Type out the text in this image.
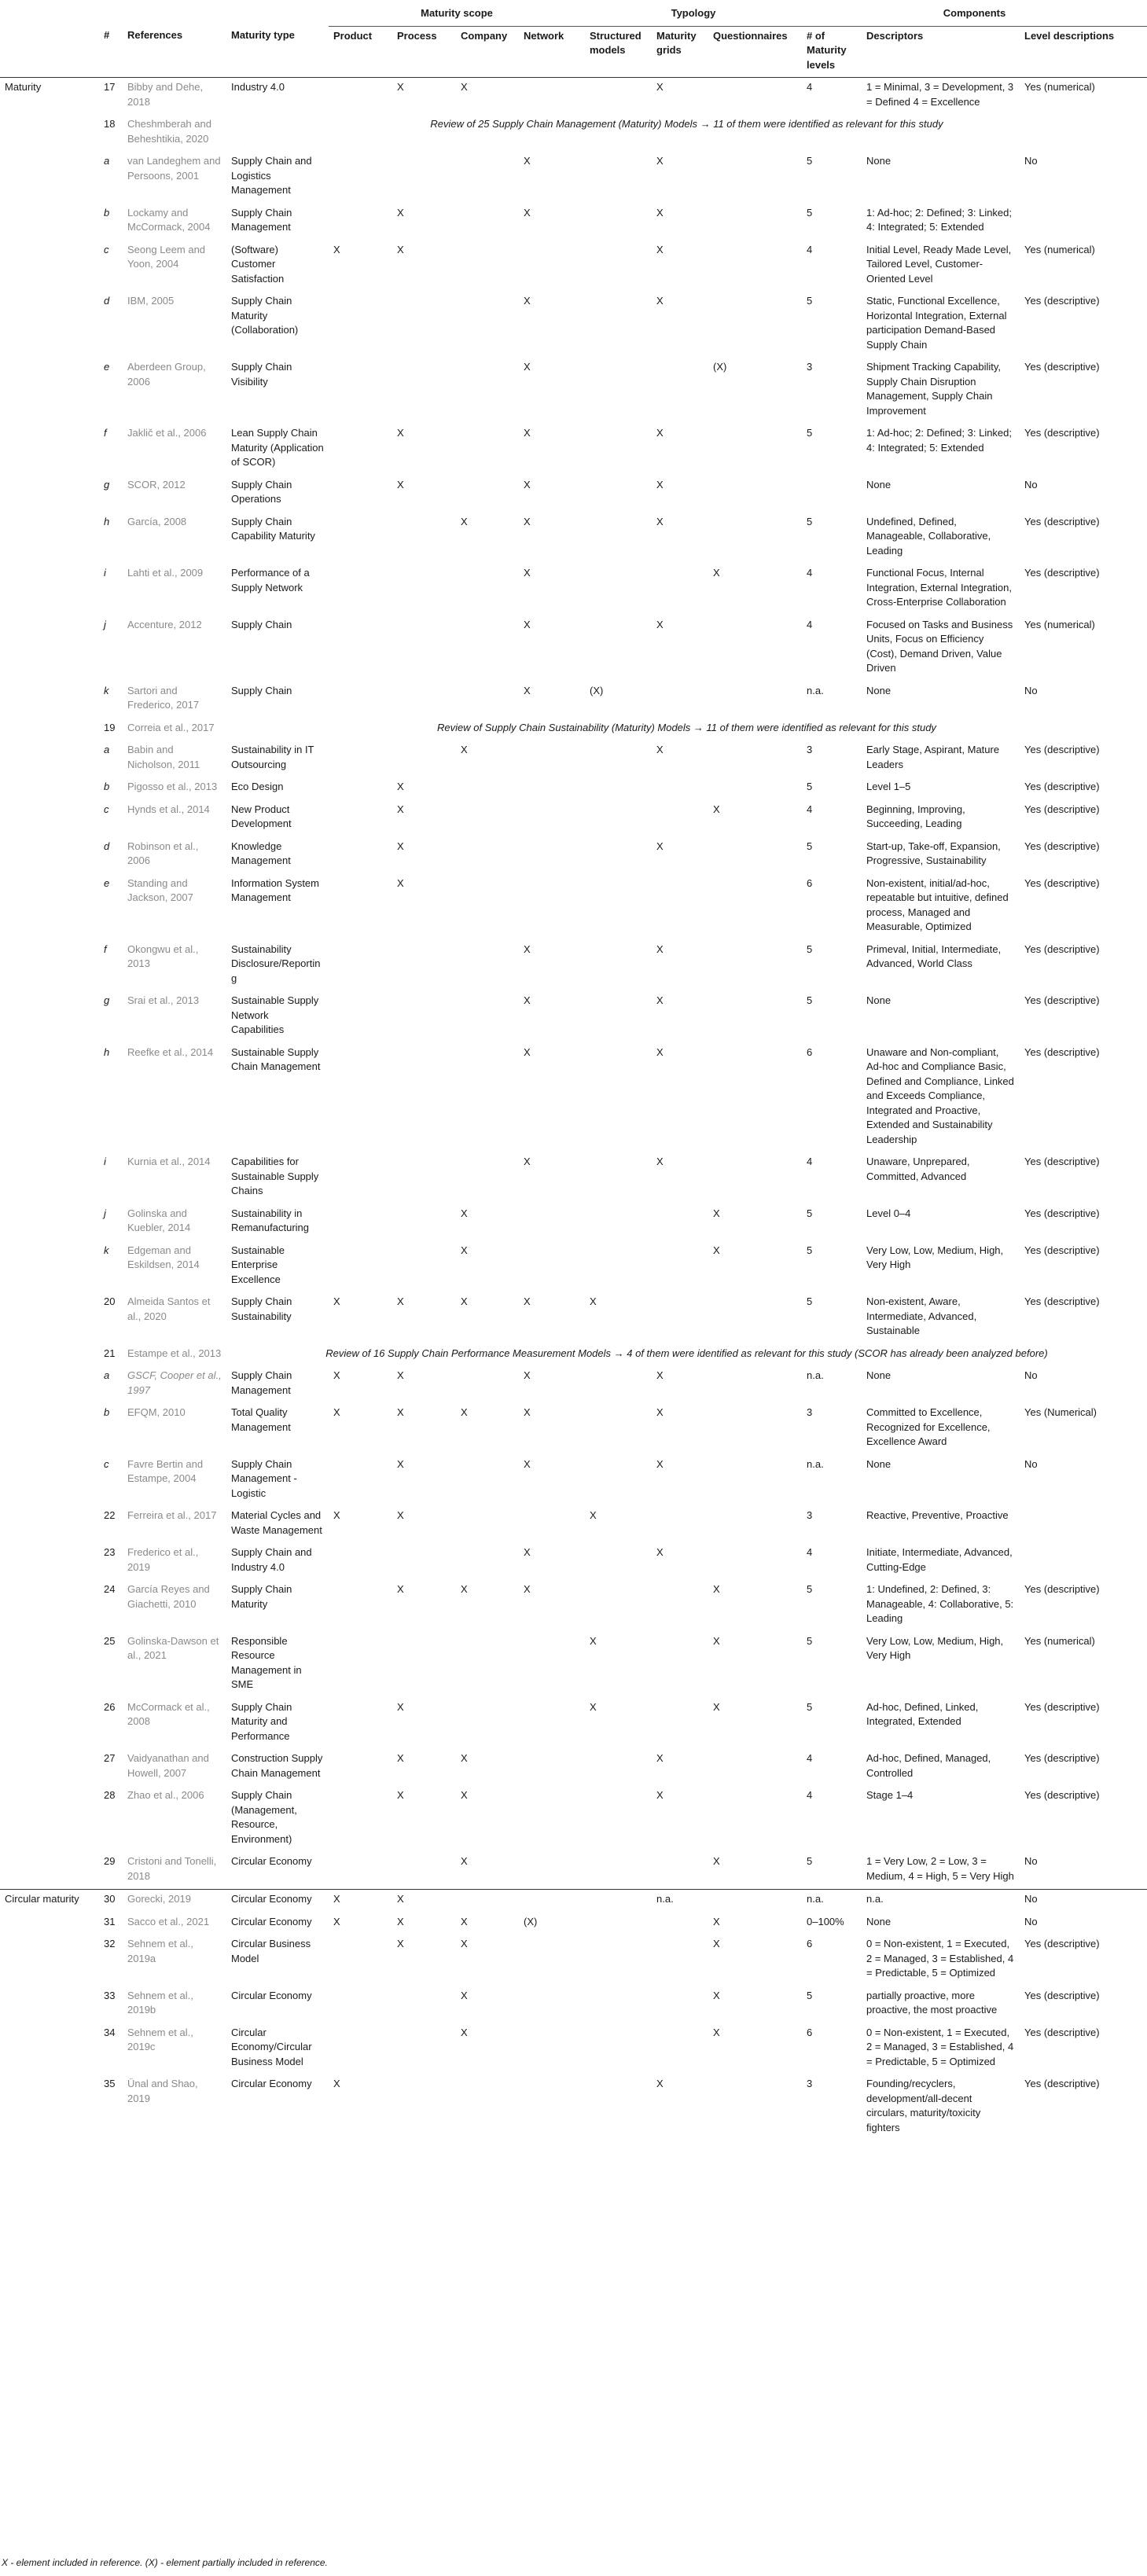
				Maturity scope				Typology			Components		
	#	References	Maturity type	Product	Process	Company	Network	Structured models	Maturity grids	Questionnaires	# of Maturity levels	Descriptors	Level descriptions
Maturity	17	Bibby and Dehe, 2018	Industry 4.0		X	X			X		4	1 = Minimal, 3 = Development, 3 = Defined 4 = Excellence	Yes (numerical)
	18	Cheshmberah and Beheshtikia, 2020	Review of 25 Supply Chain Management (Maturity) Models → 11 of them were identified as relevant for this study										
	a	van Landeghem and Persoons, 2001	Supply Chain and Logistics Management				X		X		5	None	No
	b	Lockamy and McCormack, 2004	Supply Chain Management		X		X		X		5	1: Ad-hoc; 2: Defined; 3: Linked; 4: Integrated; 5: Extended	
	c	Seong Leem and Yoon, 2004	(Software) Customer Satisfaction	X	X				X		4	Initial Level, Ready Made Level, Tailored Level, Customer-Oriented Level	Yes (numerical)
	d	IBM, 2005	Supply Chain Maturity (Collaboration)				X		X		5	Static, Functional Excellence, Horizontal Integration, External participation Demand-Based Supply Chain	Yes (descriptive)
	e	Aberdeen Group, 2006	Supply Chain Visibility				X			(X)	3	Shipment Tracking Capability, Supply Chain Disruption Management, Supply Chain Improvement	Yes (descriptive)
	f	Jaklič et al., 2006	Lean Supply Chain Maturity (Application of SCOR)		X		X		X		5	1: Ad-hoc; 2: Defined; 3: Linked; 4: Integrated; 5: Extended	Yes (descriptive)
	g	SCOR, 2012	Supply Chain Operations		X		X		X			None	No
	h	García, 2008	Supply Chain Capability Maturity			X	X		X		5	Undefined, Defined, Manageable, Collaborative, Leading	Yes (descriptive)
	i	Lahti et al., 2009	Performance of a Supply Network				X			X	4	Functional Focus, Internal Integration, External Integration, Cross-Enterprise Collaboration	Yes (descriptive)
	j	Accenture, 2012	Supply Chain				X		X		4	Focused on Tasks and Business Units, Focus on Efficiency (Cost), Demand Driven, Value Driven	Yes (numerical)
	k	Sartori and Frederico, 2017	Supply Chain				X	(X)			n.a.	None	No
	19	Correia et al., 2017	Review of Supply Chain Sustainability (Maturity) Models → 11 of them were identified as relevant for this study										
	a	Babin and Nicholson, 2011	Sustainability in IT Outsourcing			X			X		3	Early Stage, Aspirant, Mature Leaders	Yes (descriptive)
	b	Pigosso et al., 2013	Eco Design		X						5	Level 1–5	Yes (descriptive)
	c	Hynds et al., 2014	New Product Development		X					X	4	Beginning, Improving, Succeeding, Leading	Yes (descriptive)
	d	Robinson et al., 2006	Knowledge Management		X				X		5	Start-up, Take-off, Expansion, Progressive, Sustainability	Yes (descriptive)
	e	Standing and Jackson, 2007	Information System Management		X						6	Non-existent, initial/ad-hoc, repeatable but intuitive, defined process, Managed and Measurable, Optimized	Yes (descriptive)
	f	Okongwu et al., 2013	Sustainability Disclosure/Reporting				X		X		5	Primeval, Initial, Intermediate, Advanced, World Class	Yes (descriptive)
	g	Srai et al., 2013	Sustainable Supply Network Capabilities				X		X		5	None	Yes (descriptive)
	h	Reefke et al., 2014	Sustainable Supply Chain Management				X		X		6	Unaware and Non-compliant, Ad-hoc and Compliance Basic, Defined and Compliance, Linked and Exceeds Compliance, Integrated and Proactive, Extended and Sustainability Leadership	Yes (descriptive)
	i	Kurnia et al., 2014	Capabilities for Sustainable Supply Chains				X		X		4	Unaware, Unprepared, Committed, Advanced	Yes (descriptive)
	j	Golinska and Kuebler, 2014	Sustainability in Remanufacturing			X				X	5	Level 0–4	Yes (descriptive)
	k	Edgeman and Eskildsen, 2014	Sustainable Enterprise Excellence			X				X	5	Very Low, Low, Medium, High, Very High	Yes (descriptive)
	20	Almeida Santos et al., 2020	Supply Chain Sustainability	X	X	X	X	X			5	Non-existent, Aware, Intermediate, Advanced, Sustainable	Yes (descriptive)
	21	Estampe et al., 2013	Review of 16 Supply Chain Performance Measurement Models → 4 of them were identified as relevant for this study (SCOR has already been analyzed before)										
	a	GSCF, Cooper et al., 1997	Supply Chain Management	X	X		X		X		n.a.	None	No
	b	EFQM, 2010	Total Quality Management	X	X	X	X		X		3	Committed to Excellence, Recognized for Excellence, Excellence Award	Yes (Numerical)
	c	Favre Bertin and Estampe, 2004	Supply Chain Management - Logistic		X		X		X		n.a.	None	No
	22	Ferreira et al., 2017	Material Cycles and Waste Management	X	X			X			3	Reactive, Preventive, Proactive	
	23	Frederico et al., 2019	Supply Chain and Industry 4.0				X		X		4	Initiate, Intermediate, Advanced, Cutting-Edge	
	24	García Reyes and Giachetti, 2010	Supply Chain Maturity		X	X	X			X	5	1: Undefined, 2: Defined, 3: Manageable, 4: Collaborative, 5: Leading	Yes (descriptive)
	25	Golinska-Dawson et al., 2021	Responsible Resource Management in SME					X		X	5	Very Low, Low, Medium, High, Very High	Yes (numerical)
	26	McCormack et al., 2008	Supply Chain Maturity and Performance		X			X		X	5	Ad-hoc, Defined, Linked, Integrated, Extended	Yes (descriptive)
	27	Vaidyanathan and Howell, 2007	Construction Supply Chain Management		X	X			X		4	Ad-hoc, Defined, Managed, Controlled	Yes (descriptive)
	28	Zhao et al., 2006	Supply Chain (Management, Resource, Environment)		X	X			X		4	Stage 1–4	Yes (descriptive)
	29	Cristoni and Tonelli, 2018	Circular Economy			X				X	5	1 = Very Low, 2 = Low, 3 = Medium, 4 = High, 5 = Very High	No
Circular maturity	30	Gorecki, 2019	Circular Economy	X	X				n.a.		n.a.	n.a.	No
	31	Sacco et al., 2021	Circular Economy	X	X	X	(X)			X	0–100%	None	No
	32	Sehnem et al., 2019a	Circular Business Model		X	X				X	6	0 = Non-existent, 1 = Executed, 2 = Managed, 3 = Established, 4 = Predictable, 5 = Optimized	Yes (descriptive)
	33	Sehnem et al., 2019b	Circular Economy			X				X	5	partially proactive, more proactive, the most proactive	Yes (descriptive)
	34	Sehnem et al., 2019c	Circular Economy/Circular Business Model			X				X	6	0 = Non-existent, 1 = Executed, 2 = Managed, 3 = Established, 4 = Predictable, 5 = Optimized	Yes (descriptive)
	35	Ünal and Shao, 2019	Circular Economy	X					X		3	Founding/recyclers, development/all-decent circulars, maturity/toxicity fighters	Yes (descriptive)
X - element included in reference. (X) - element partially included in reference.
